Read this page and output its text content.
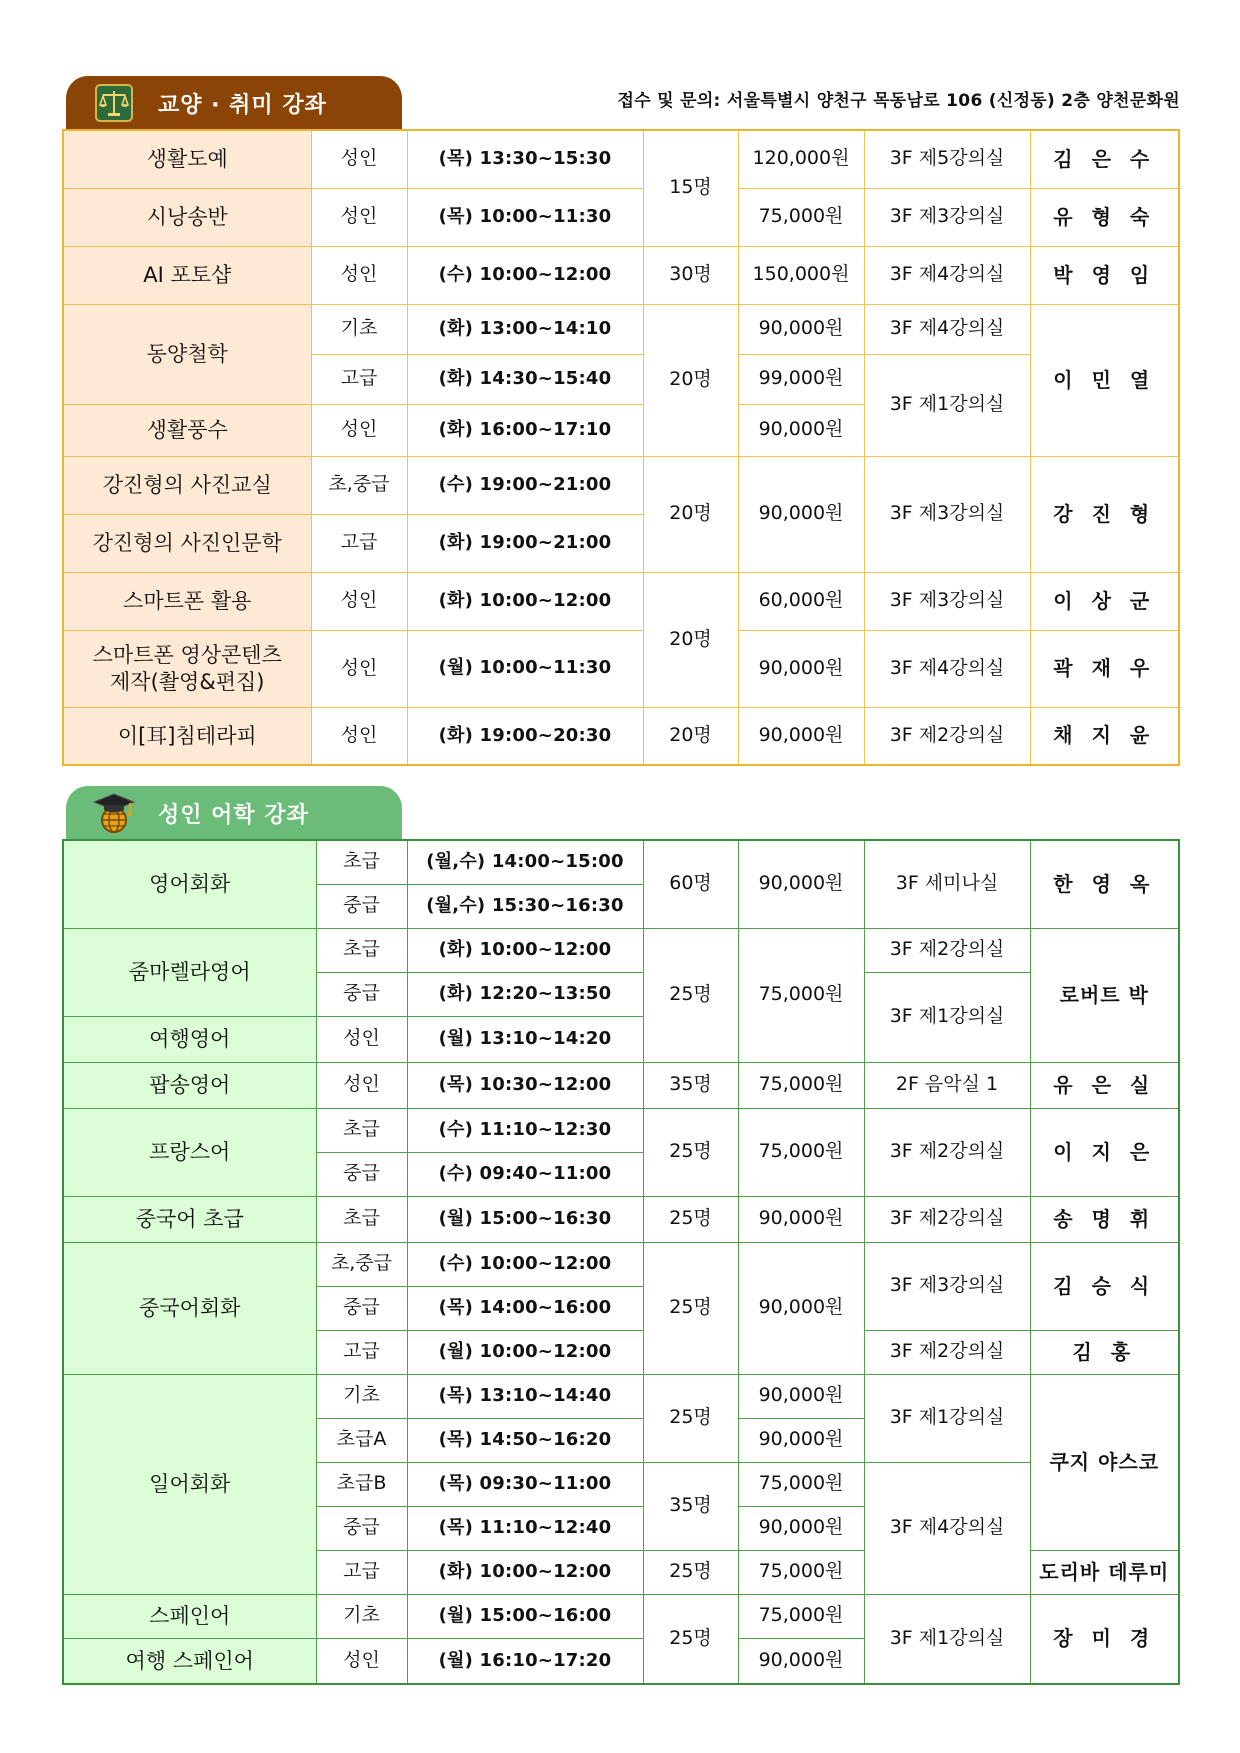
접수 및 문의: 서울특별시 양천구 목동남로 106 (신정동) 2층 양천문화원
교양 · 취미 강좌
생활도예	성인	(목) 13:30~15:30	15명	120,000원	3F 제5강의실	김 은 수
시낭송반	성인	(목) 10:00~11:30		75,000원	3F 제3강의실	유 형 숙
AI 포토샵	성인	(수) 10:00~12:00	30명	150,000원	3F 제4강의실	박 영 임
동양철학	기초	(화) 13:00~14:10	20명	90,000원	3F 제4강의실	이 민 열
	고급	(화) 14:30~15:40		99,000원	3F 제1강의실	
생활풍수	성인	(화) 16:00~17:10		90,000원		
강진형의 사진교실	초,중급	(수) 19:00~21:00	20명	90,000원	3F 제3강의실	강 진 형
강진형의 사진인문학	고급	(화) 19:00~21:00				
스마트폰 활용	성인	(화) 10:00~12:00	20명	60,000원	3F 제3강의실	이 상 군
스마트폰 영상콘텐츠
제작(촬영&편집)	성인	(월) 10:00~11:30		90,000원	3F 제4강의실	곽 재 우
이[耳]침테라피	성인	(화) 19:00~20:30	20명	90,000원	3F 제2강의실	채 지 윤
성인 어학 강좌
영어회화	초급	(월,수) 14:00~15:00	60명	90,000원	3F 세미나실	한 영 옥
	중급	(월,수) 15:30~16:30				
줌마렐라영어	초급	(화) 10:00~12:00	25명	75,000원	3F 제2강의실	로버트 박
	중급	(화) 12:20~13:50			3F 제1강의실	
여행영어	성인	(월) 13:10~14:20				
팝송영어	성인	(목) 10:30~12:00	35명	75,000원	2F 음악실 1	유 은 실
프랑스어	초급	(수) 11:10~12:30	25명	75,000원	3F 제2강의실	이 지 은
	중급	(수) 09:40~11:00				
중국어 초급	초급	(월) 15:00~16:30	25명	90,000원	3F 제2강의실	송 명 휘
중국어회화	초,중급	(수) 10:00~12:00	25명	90,000원	3F 제3강의실	김 승 식
	중급	(목) 14:00~16:00				
	고급	(월) 10:00~12:00			3F 제2강의실	김 홍
일어회화	기초	(목) 13:10~14:40	25명	90,000원	3F 제1강의실	쿠지 야스코
	초급A	(목) 14:50~16:20		90,000원		
	초급B	(목) 09:30~11:00	35명	75,000원	3F 제4강의실	
	중급	(목) 11:10~12:40		90,000원		
	고급	(화) 10:00~12:00	25명	75,000원		도리바 데루미
스페인어	기초	(월) 15:00~16:00	25명	75,000원	3F 제1강의실	장 미 경
여행 스페인어	성인	(월) 16:10~17:20		90,000원		
